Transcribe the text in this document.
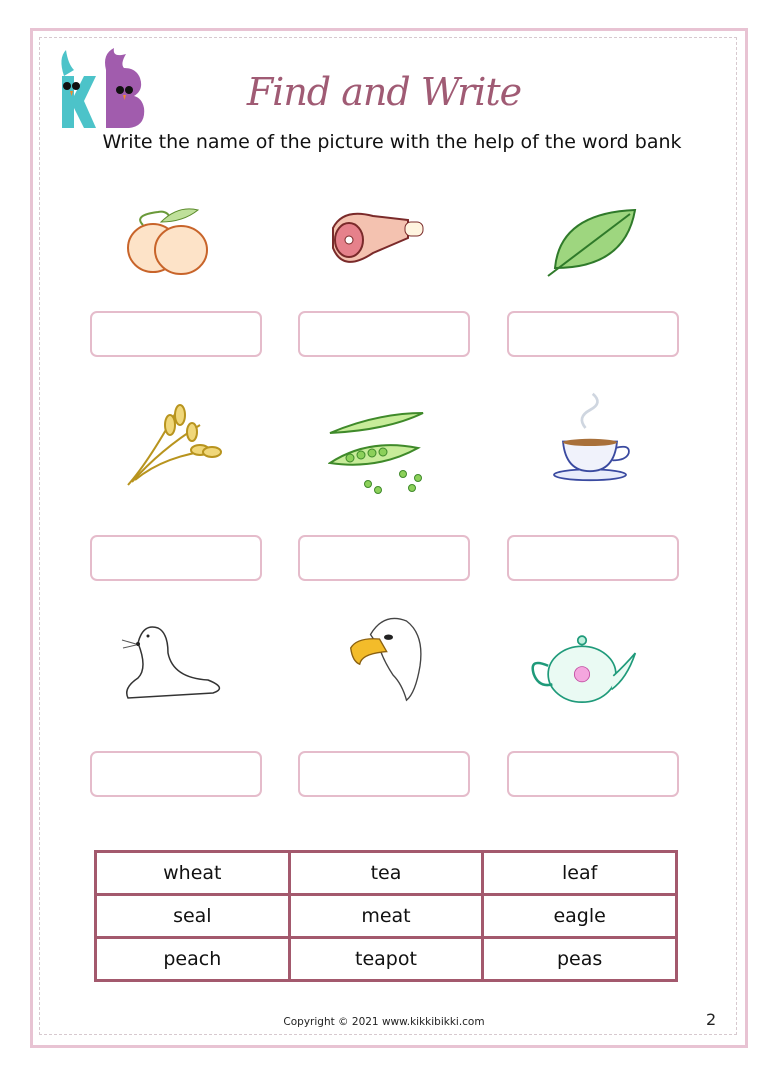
Find and Write
Write the name of the picture with the help of the word bank
wheat	tea	leaf
seal	meat	eagle
peach	teapot	peas
Copyright © 2021 www.kikkibikki.com	2
